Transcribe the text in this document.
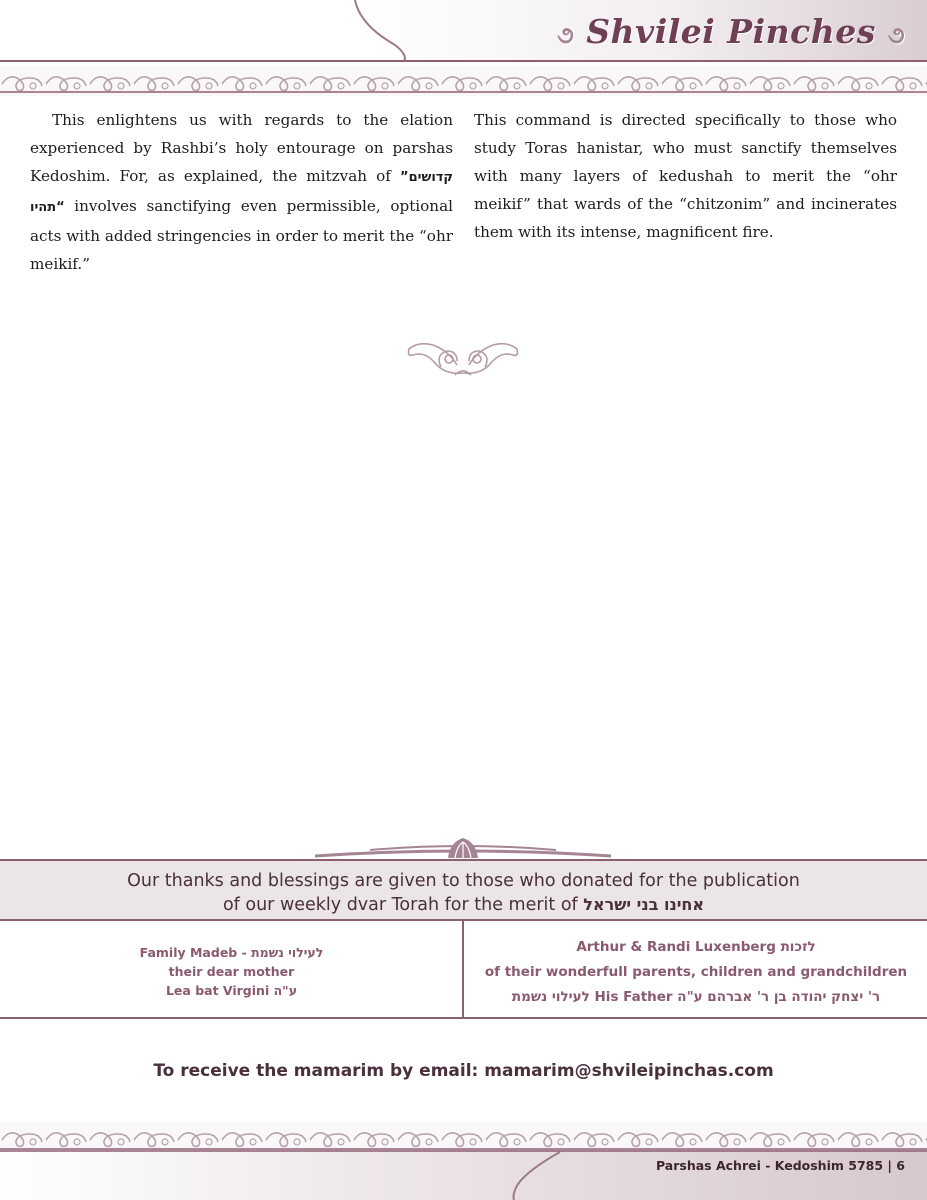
૭ Shvilei Pinches ૭
This enlightens us with regards to the elation experienced by Rashbi’s holy entourage on parshas Kedoshim. For, as explained, the mitzvah of ”קדושים תהיו“ involves sanctifying even permissible, optional acts with added stringencies in order to merit the “ohr meikif.”
This command is directed specifically to those who study Toras hanistar, who must sanctify themselves with many layers of kedushah to merit the “ohr meikif” that wards of the “chitzonim” and incinerates them with its intense, magnificent fire.
Our thanks and blessings are given to those who donated for the publication
of our weekly dvar Torah for the merit of אחינו בני ישראל
Family Madeb - לעילוי נשמת
their dear mother
Lea bat Virgini ע"ה
Arthur & Randi Luxenberg לזכות
of their wonderfull parents, children and grandchildren
לעילוי נשמת His Father ר' יצחק יהודה בן ר' אברהם ע"ה
To receive the mamarim by email: mamarim@shvileipinchas.com
Parshas Achrei - Kedoshim 5785 | 6
